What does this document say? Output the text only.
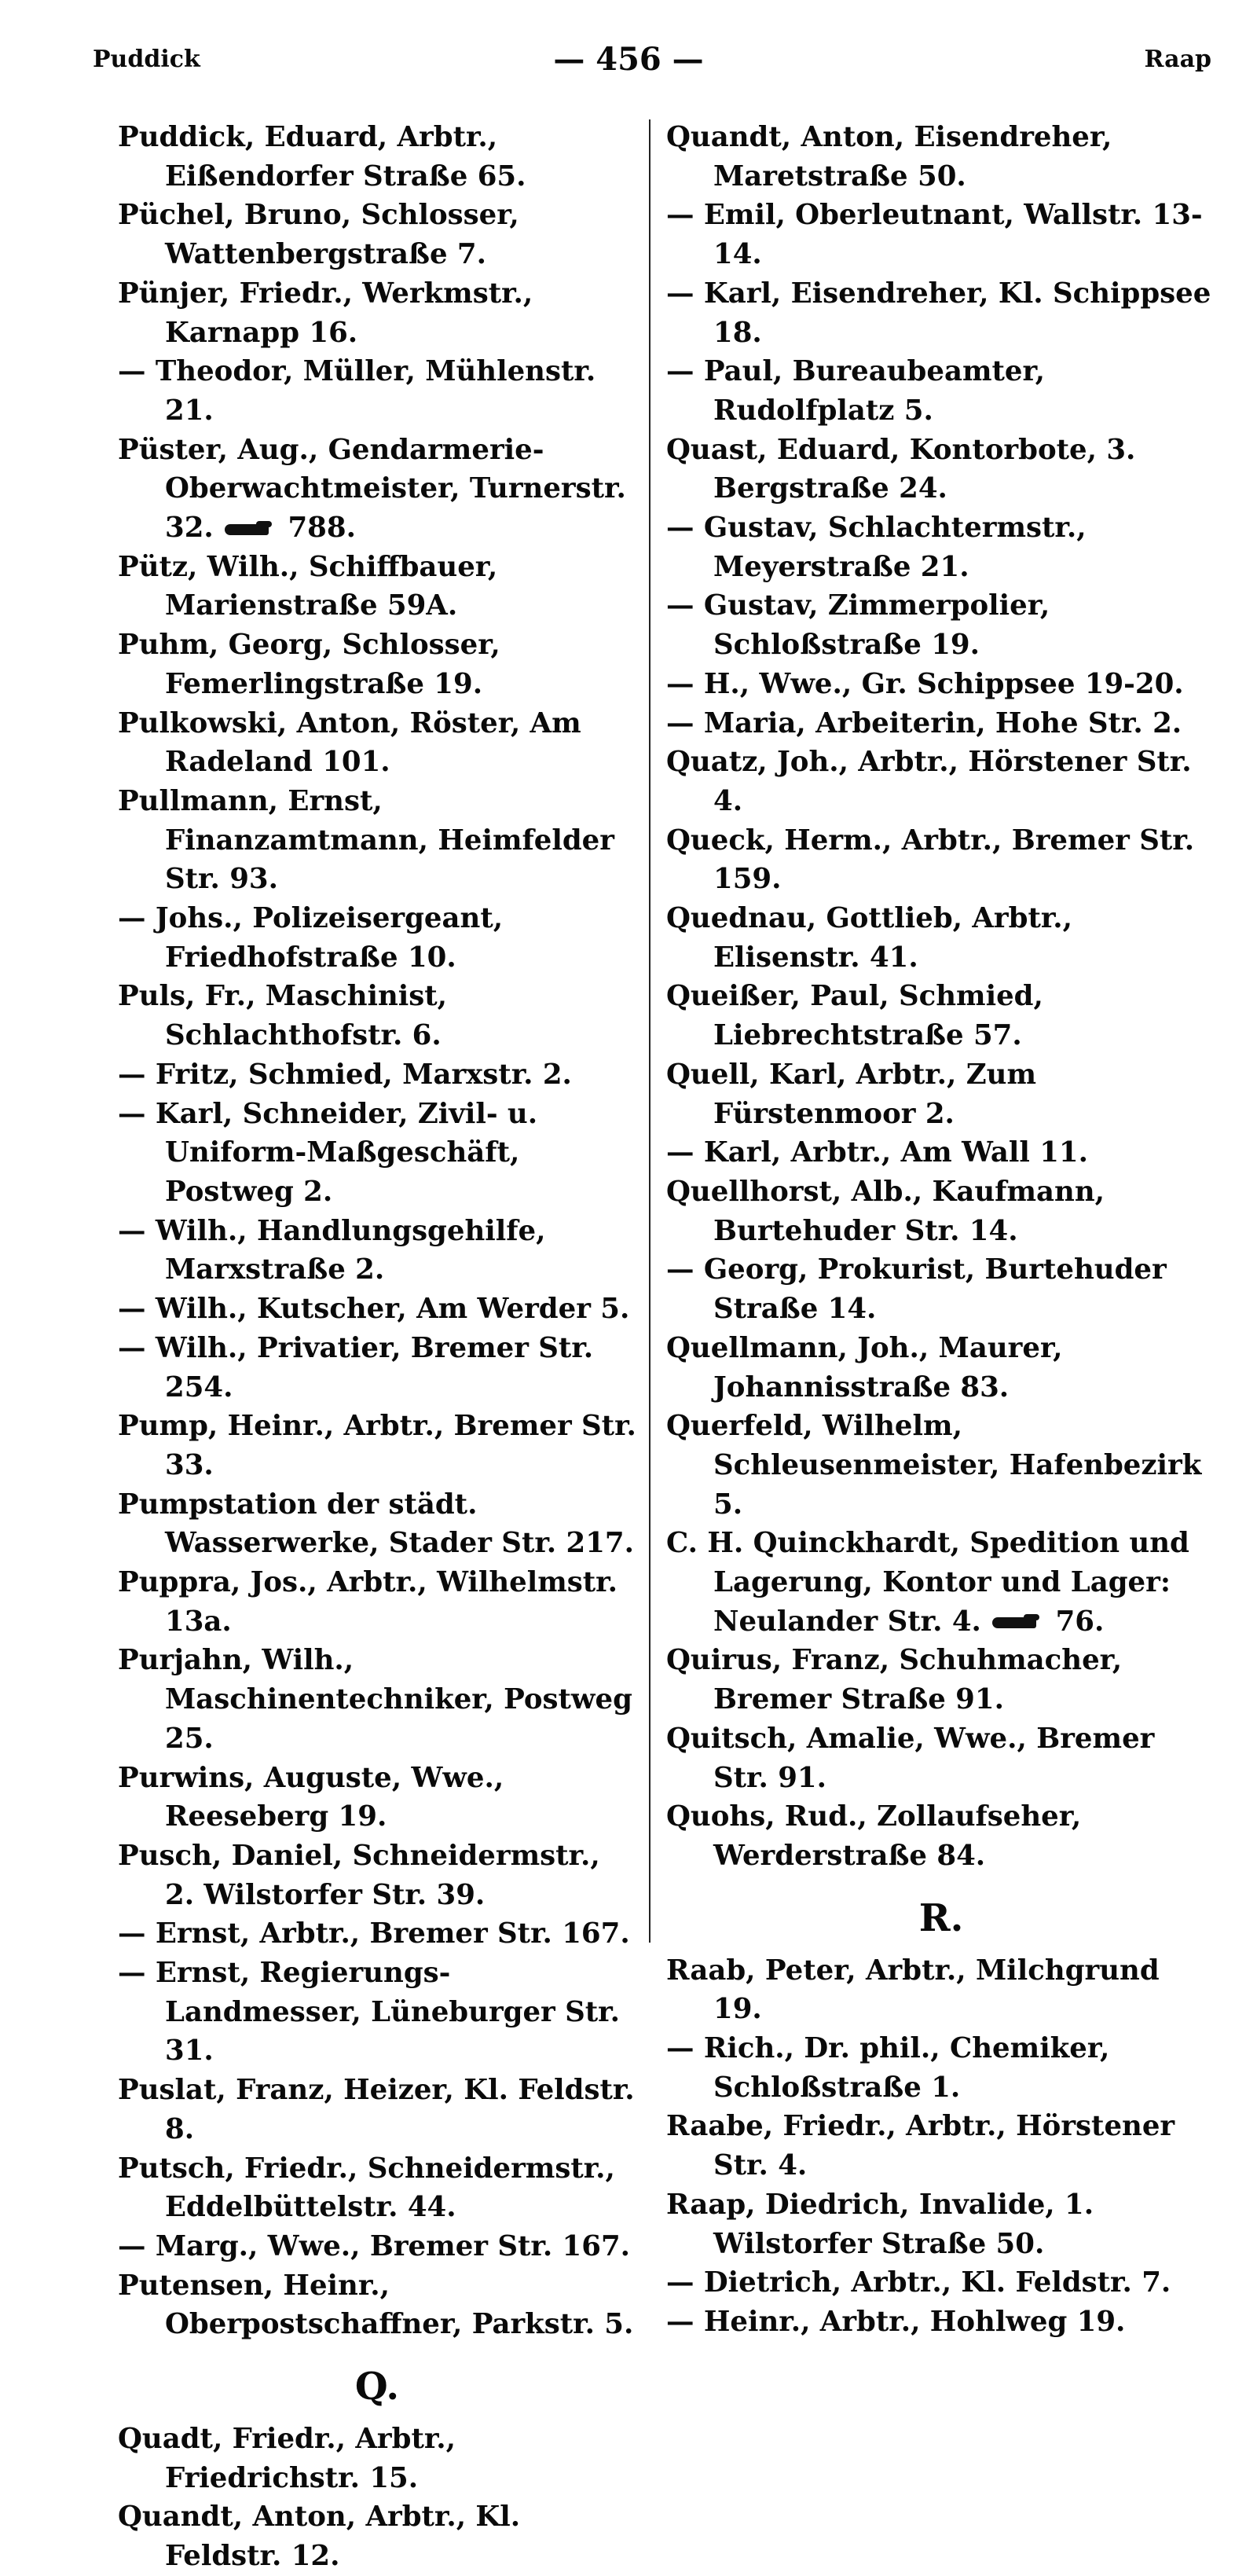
Puddick	— 456 —	Raap
Puddick, Eduard, Arbtr., Eißendorfer Straße 65.
Püchel, Bruno, Schlosser, Wattenbergstraße 7.
Pünjer, Friedr., Werkmstr., Karnapp 16.
— Theodor, Müller, Mühlenstr. 21.
Püster, Aug., Gendarmerie-Oberwachtmeister, Turnerstr. 32.
788.
Pütz, Wilh., Schiffbauer, Marienstraße 59A.
Puhm, Georg, Schlosser, Femerlingstraße 19.
Pulkowski, Anton, Röster, Am Radeland 101.
Pullmann, Ernst, Finanzamtmann, Heimfelder Str. 93.
— Johs., Polizeisergeant, Friedhofstraße 10.
Puls, Fr., Maschinist, Schlachthofstr. 6.
— Fritz, Schmied, Marxstr. 2.
— Karl, Schneider, Zivil- u. Uniform-Maßgeschäft, Postweg 2.
— Wilh., Handlungsgehilfe, Marxstraße 2.
— Wilh., Kutscher, Am Werder 5.
— Wilh., Privatier, Bremer Str. 254.
Pump, Heinr., Arbtr., Bremer Str. 33.
Pumpstation der städt. Wasserwerke, Stader Str. 217.
Puppra, Jos., Arbtr., Wilhelmstr. 13a.
Purjahn, Wilh., Maschinentechniker, Postweg 25.
Purwins, Auguste, Wwe., Reeseberg 19.
Pusch, Daniel, Schneidermstr., 2. Wilstorfer Str. 39.
— Ernst, Arbtr., Bremer Str. 167.
— Ernst, Regierungs-Landmesser, Lüneburger Str. 31.
Puslat, Franz, Heizer, Kl. Feldstr. 8.
Putsch, Friedr., Schneidermstr., Eddelbüttelstr. 44.
— Marg., Wwe., Bremer Str. 167.
Putensen, Heinr., Oberpostschaffner, Parkstr. 5.
Q.
Quadt, Friedr., Arbtr., Friedrichstr. 15.
Quandt, Anton, Arbtr., Kl. Feldstr. 12.
Quandt, Anton, Eisendreher, Maretstraße 50.
— Emil, Oberleutnant, Wallstr. 13-14.
— Karl, Eisendreher, Kl. Schippsee 18.
— Paul, Bureaubeamter, Rudolfplatz 5.
Quast, Eduard, Kontorbote, 3. Bergstraße 24.
— Gustav, Schlachtermstr., Meyerstraße 21.
— Gustav, Zimmerpolier, Schloßstraße 19.
— H., Wwe., Gr. Schippsee 19-20.
— Maria, Arbeiterin, Hohe Str. 2.
Quatz, Joh., Arbtr., Hörstener Str. 4.
Queck, Herm., Arbtr., Bremer Str. 159.
Quednau, Gottlieb, Arbtr., Elisenstr. 41.
Queißer, Paul, Schmied, Liebrechtstraße 57.
Quell, Karl, Arbtr., Zum Fürstenmoor 2.
— Karl, Arbtr., Am Wall 11.
Quellhorst, Alb., Kaufmann, Burtehuder Str. 14.
— Georg, Prokurist, Burtehuder Straße 14.
Quellmann, Joh., Maurer, Johannisstraße 83.
Querfeld, Wilhelm, Schleusenmeister, Hafenbezirk 5.
C. H. Quinckhardt, Spedition und Lagerung, Kontor und Lager: Neulander Str. 4.
76.
Quirus, Franz, Schuhmacher, Bremer Straße 91.
Quitsch, Amalie, Wwe., Bremer Str. 91.
Quohs, Rud., Zollaufseher, Werderstraße 84.
R.
Raab, Peter, Arbtr., Milchgrund 19.
— Rich., Dr. phil., Chemiker, Schloßstraße 1.
Raabe, Friedr., Arbtr., Hörstener Str. 4.
Raap, Diedrich, Invalide, 1. Wilstorfer Straße 50.
— Dietrich, Arbtr., Kl. Feldstr. 7.
— Heinr., Arbtr., Hohlweg 19.
